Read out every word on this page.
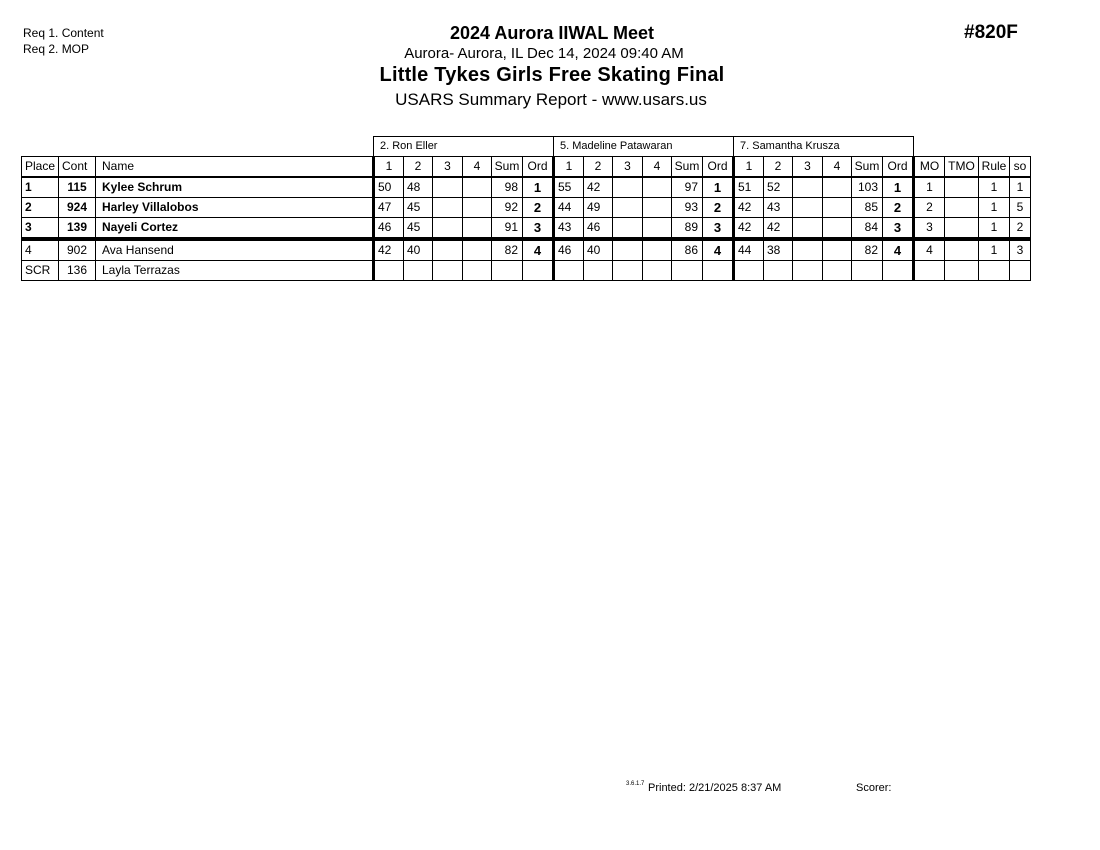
Req 1. Content
Req 2. MOP
#820F
2024 Aurora IIWAL Meet
Aurora- Aurora, IL Dec 14, 2024 09:40 AM
Little Tykes Girls Free Skating Final
USARS Summary Report - www.usars.us
			2. Ron Eller						5. Madeline Patawaran						7. Samantha Krusza									
Place	Cont	Name	1	2	3	4	Sum	Ord	1	2	3	4	Sum	Ord	1	2	3	4	Sum	Ord	MO	TMO	Rule	so
1	115	Kylee Schrum	50	48			98	1	55	42			97	1	51	52			103	1	1		1	1
2	924	Harley Villalobos	47	45			92	2	44	49			93	2	42	43			85	2	2		1	5
3	139	Nayeli Cortez	46	45			91	3	43	46			89	3	42	42			84	3	3		1	2
4	902	Ava Hansend	42	40			82	4	46	40			86	4	44	38			82	4	4		1	3
SCR	136	Layla Terrazas																						
3.6.1.7 Printed: 2/21/2025 8:37 AM	Scorer:
